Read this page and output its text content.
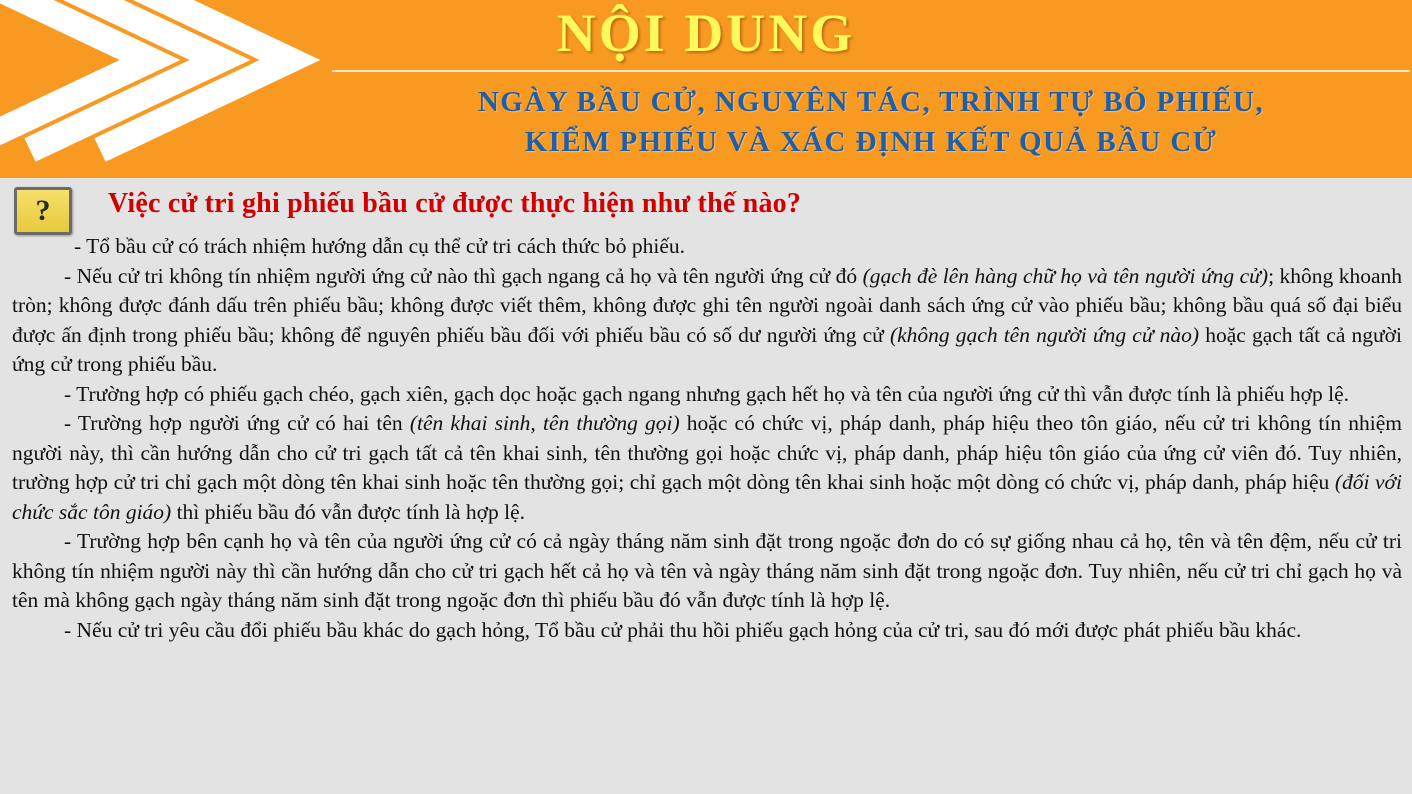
NỘI DUNG
NGÀY BẦU CỬ, NGUYÊN TÁC, TRÌNH TỰ BỎ PHIẾU,
KIỂM PHIẾU VÀ XÁC ĐỊNH KẾT QUẢ BẦU CỬ
?	Việc cử tri ghi phiếu bầu cử được thực hiện như thế nào?

- Tổ bầu cử có trách nhiệm hướng dẫn cụ thể cử tri cách thức bỏ phiếu.

- Nếu cử tri không tín nhiệm người ứng cử nào thì gạch ngang cả họ và tên người ứng cử đó (gạch đè lên hàng chữ họ và tên người ứng cử); không khoanh tròn; không được đánh dấu trên phiếu bầu; không được viết thêm, không được ghi tên người ngoài danh sách ứng cử vào phiếu bầu; không bầu quá số đại biểu được ấn định trong phiếu bầu; không để nguyên phiếu bầu đối với phiếu bầu có số dư người ứng cử (không gạch tên người ứng cử nào) hoặc gạch tất cả người ứng cử trong phiếu bầu.

- Trường hợp có phiếu gạch chéo, gạch xiên, gạch dọc hoặc gạch ngang nhưng gạch hết họ và tên của người ứng cử thì vẫn được tính là phiếu hợp lệ.

- Trường hợp người ứng cử có hai tên (tên khai sinh, tên thường gọi) hoặc có chức vị, pháp danh, pháp hiệu theo tôn giáo, nếu cử tri không tín nhiệm người này, thì cần hướng dẫn cho cử tri gạch tất cả tên khai sinh, tên thường gọi hoặc chức vị, pháp danh, pháp hiệu tôn giáo của ứng cử viên đó. Tuy nhiên, trường hợp cử tri chỉ gạch một dòng tên khai sinh hoặc tên thường gọi; chỉ gạch một dòng tên khai sinh hoặc một dòng có chức vị, pháp danh, pháp hiệu (đối với chức sắc tôn giáo) thì phiếu bầu đó vẫn được tính là hợp lệ.

- Trường hợp bên cạnh họ và tên của người ứng cử có cả ngày tháng năm sinh đặt trong ngoặc đơn do có sự giống nhau cả họ, tên và tên đệm, nếu cử tri không tín nhiệm người này thì cần hướng dẫn cho cử tri gạch hết cả họ và tên và ngày tháng năm sinh đặt trong ngoặc đơn. Tuy nhiên, nếu cử tri chỉ gạch họ và tên mà không gạch ngày tháng năm sinh đặt trong ngoặc đơn thì phiếu bầu đó vẫn được tính là hợp lệ.

- Nếu cử tri yêu cầu đổi phiếu bầu khác do gạch hỏng, Tổ bầu cử phải thu hồi phiếu gạch hỏng của cử tri, sau đó mới được phát phiếu bầu khác.
